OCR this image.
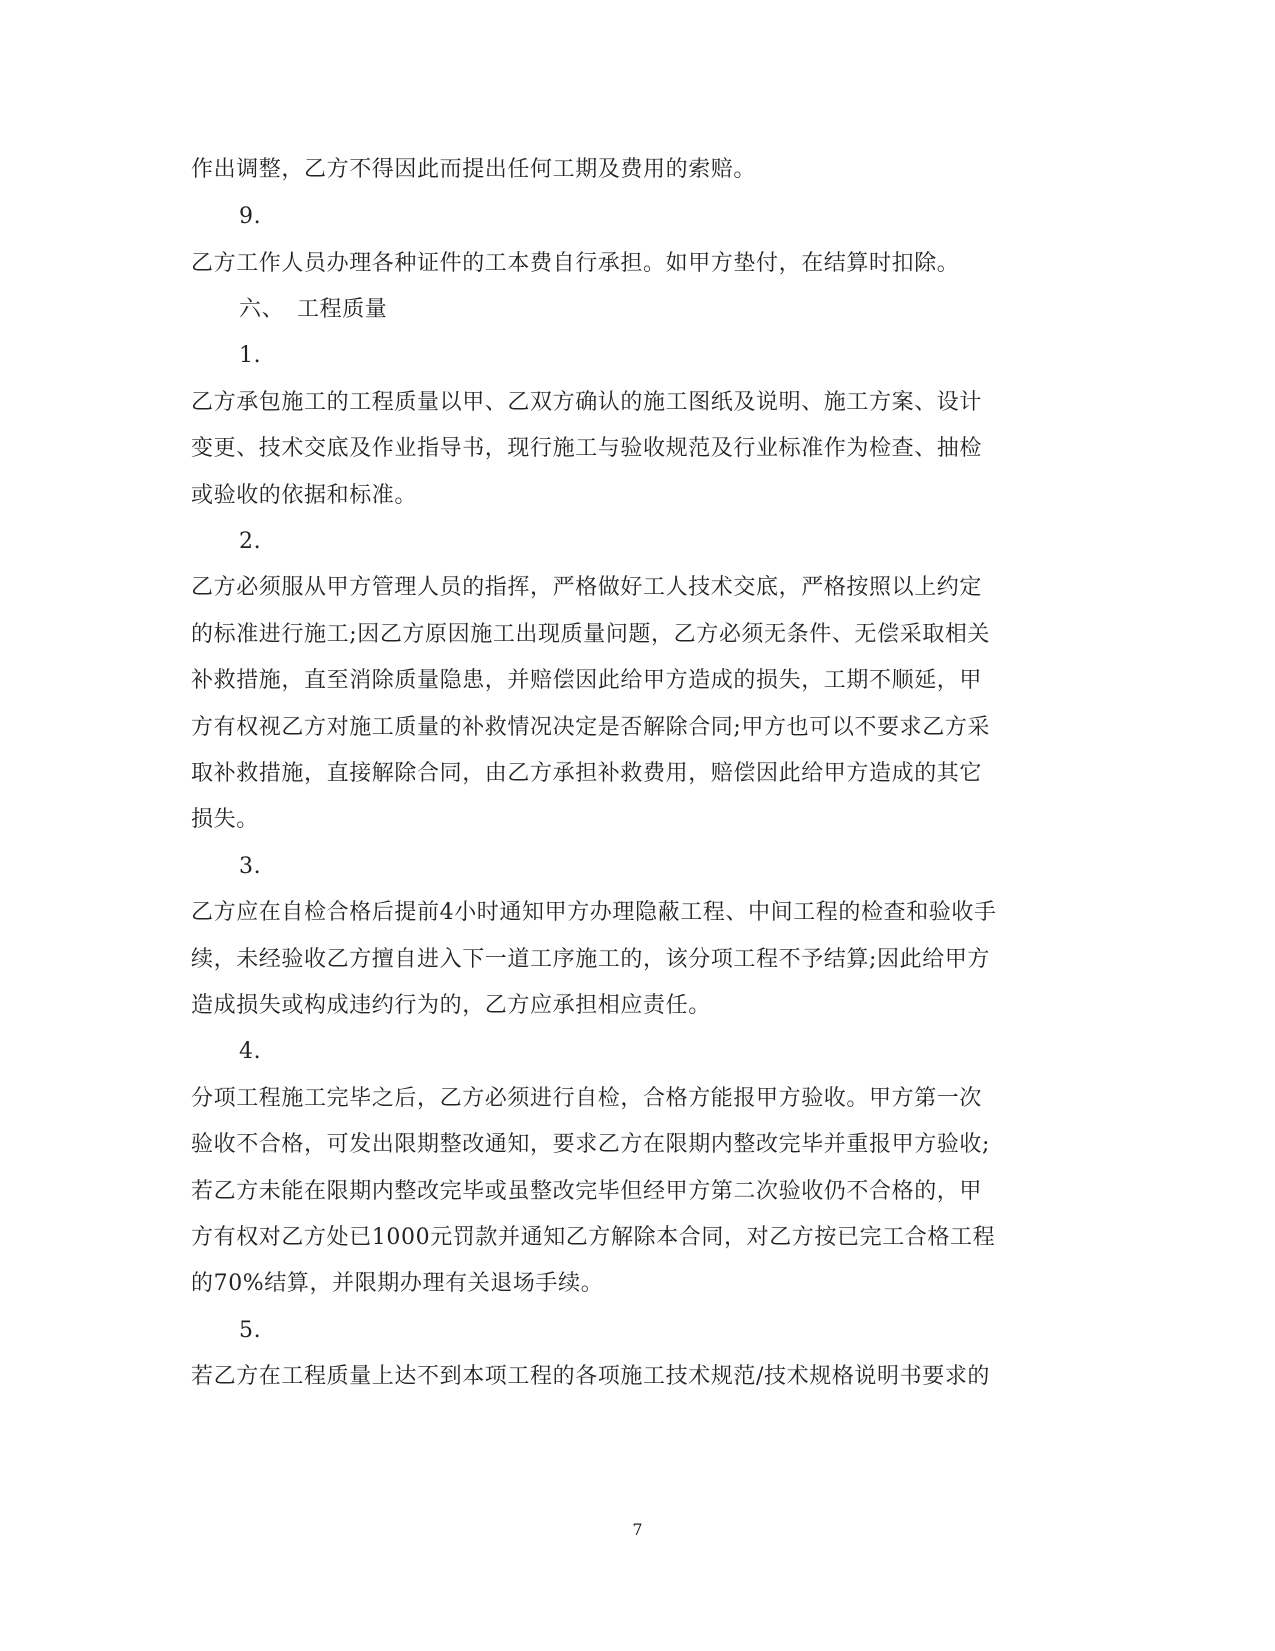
作出调整，乙方不得因此而提出任何工期及费用的索赔。
9.
乙方工作人员办理各种证件的工本费自行承担。如甲方垫付，在结算时扣除。
六、 工程质量
1.
乙方承包施工的工程质量以甲、乙双方确认的施工图纸及说明、施工方案、设计
变更、技术交底及作业指导书，现行施工与验收规范及行业标准作为检查、抽检
或验收的依据和标准。
2.
乙方必须服从甲方管理人员的指挥，严格做好工人技术交底，严格按照以上约定
的标准进行施工;因乙方原因施工出现质量问题，乙方必须无条件、无偿采取相关
补救措施，直至消除质量隐患，并赔偿因此给甲方造成的损失，工期不顺延，甲
方有权视乙方对施工质量的补救情况决定是否解除合同;甲方也可以不要求乙方采
取补救措施，直接解除合同，由乙方承担补救费用，赔偿因此给甲方造成的其它
损失。
3.
乙方应在自检合格后提前4小时通知甲方办理隐蔽工程、中间工程的检查和验收手
续，未经验收乙方擅自进入下一道工序施工的，该分项工程不予结算;因此给甲方
造成损失或构成违约行为的，乙方应承担相应责任。
4.
分项工程施工完毕之后，乙方必须进行自检，合格方能报甲方验收。甲方第一次
验收不合格，可发出限期整改通知，要求乙方在限期内整改完毕并重报甲方验收;
若乙方未能在限期内整改完毕或虽整改完毕但经甲方第二次验收仍不合格的，甲
方有权对乙方处已1000元罚款并通知乙方解除本合同，对乙方按已完工合格工程
的70%结算，并限期办理有关退场手续。
5.
若乙方在工程质量上达不到本项工程的各项施工技术规范/技术规格说明书要求的
7
